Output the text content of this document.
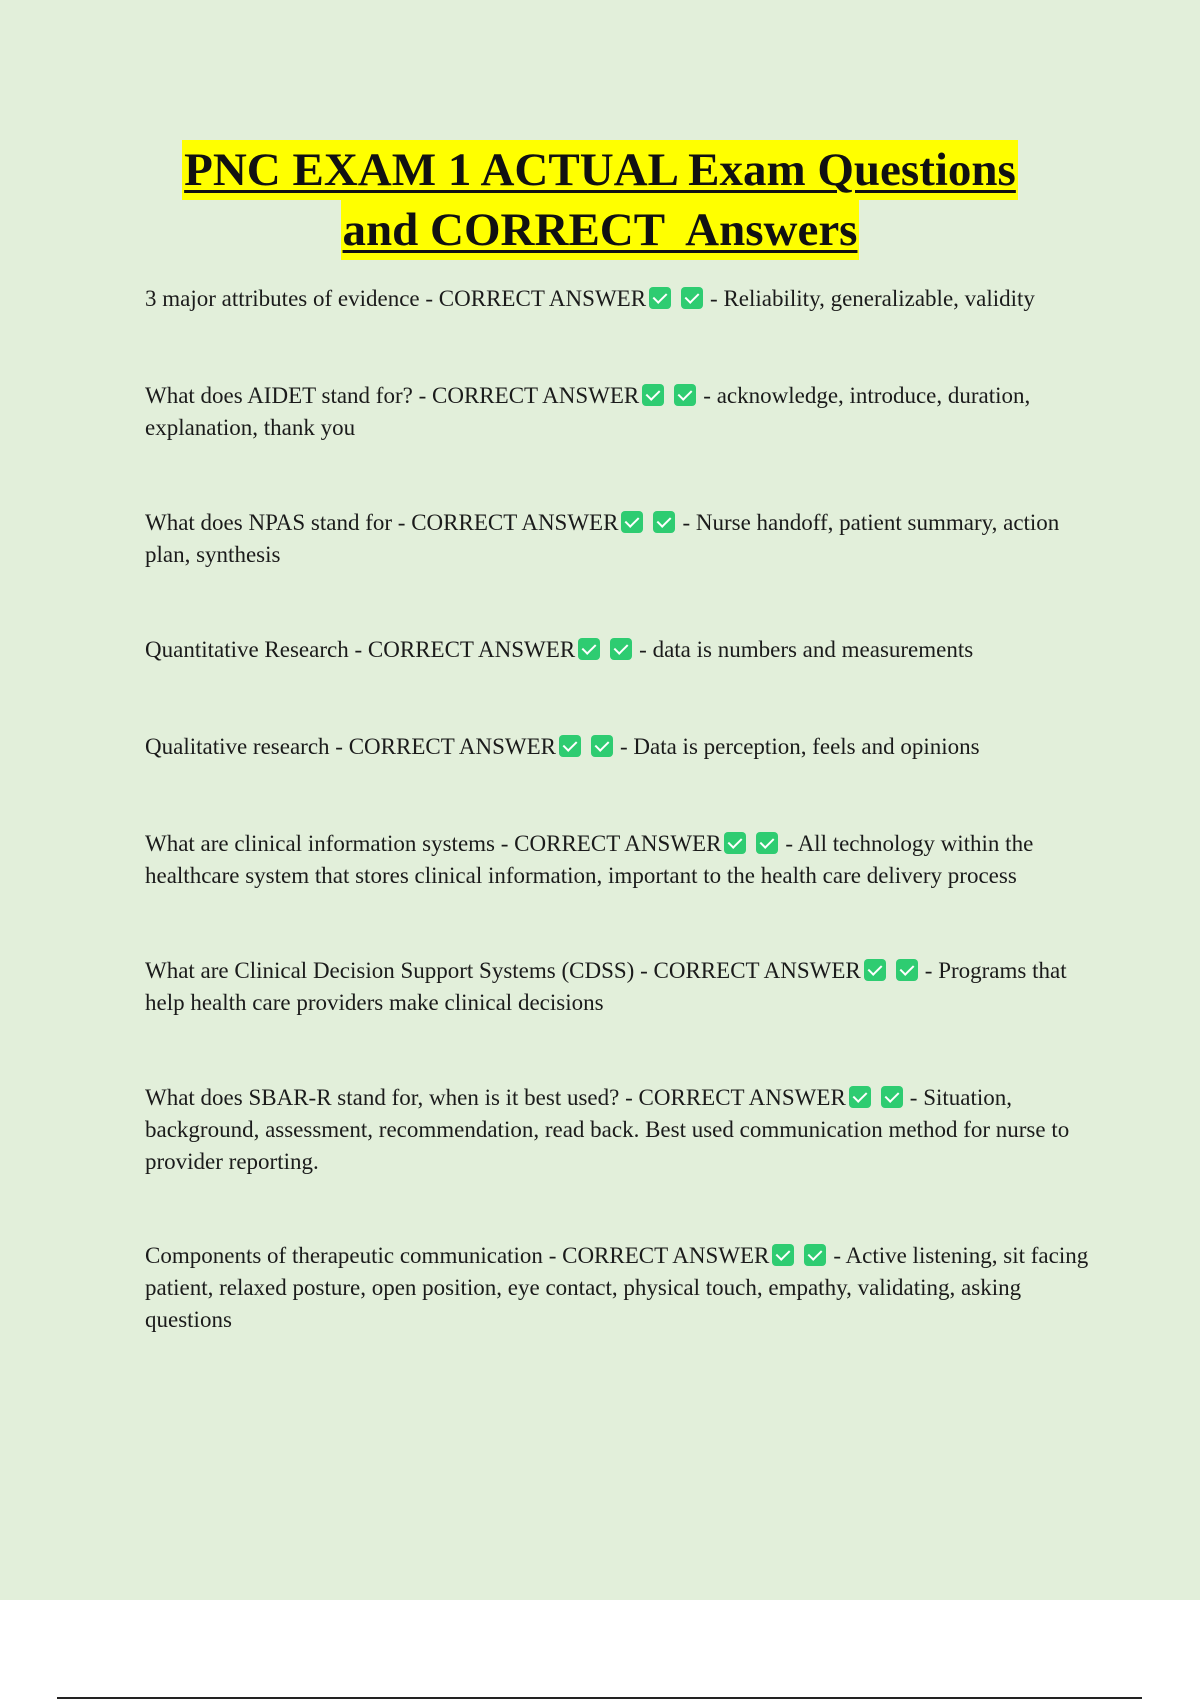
PNC EXAM 1 ACTUAL Exam Questions
and CORRECT  Answers

3 major attributes of evidence - CORRECT ANSWER	- Reliability, generalizable, validity

What does AIDET stand for? - CORRECT ANSWER	- acknowledge, introduce, duration, explanation, thank you

What does NPAS stand for - CORRECT ANSWER	- Nurse handoff, patient summary, action plan, synthesis

Quantitative Research - CORRECT ANSWER	- data is numbers and measurements

Qualitative research - CORRECT ANSWER	- Data is perception, feels and opinions

What are clinical information systems - CORRECT ANSWER	- All technology within the healthcare system that stores clinical information, important to the health care delivery process

What are Clinical Decision Support Systems (CDSS) - CORRECT ANSWER	- Programs that help health care providers make clinical decisions

What does SBAR-R stand for, when is it best used? - CORRECT ANSWER	- Situation, background, assessment, recommendation, read back. Best used communication method for nurse to provider reporting.

Components of therapeutic communication - CORRECT ANSWER	- Active listening, sit facing patient, relaxed posture, open position, eye contact, physical touch, empathy, validating, asking questions
